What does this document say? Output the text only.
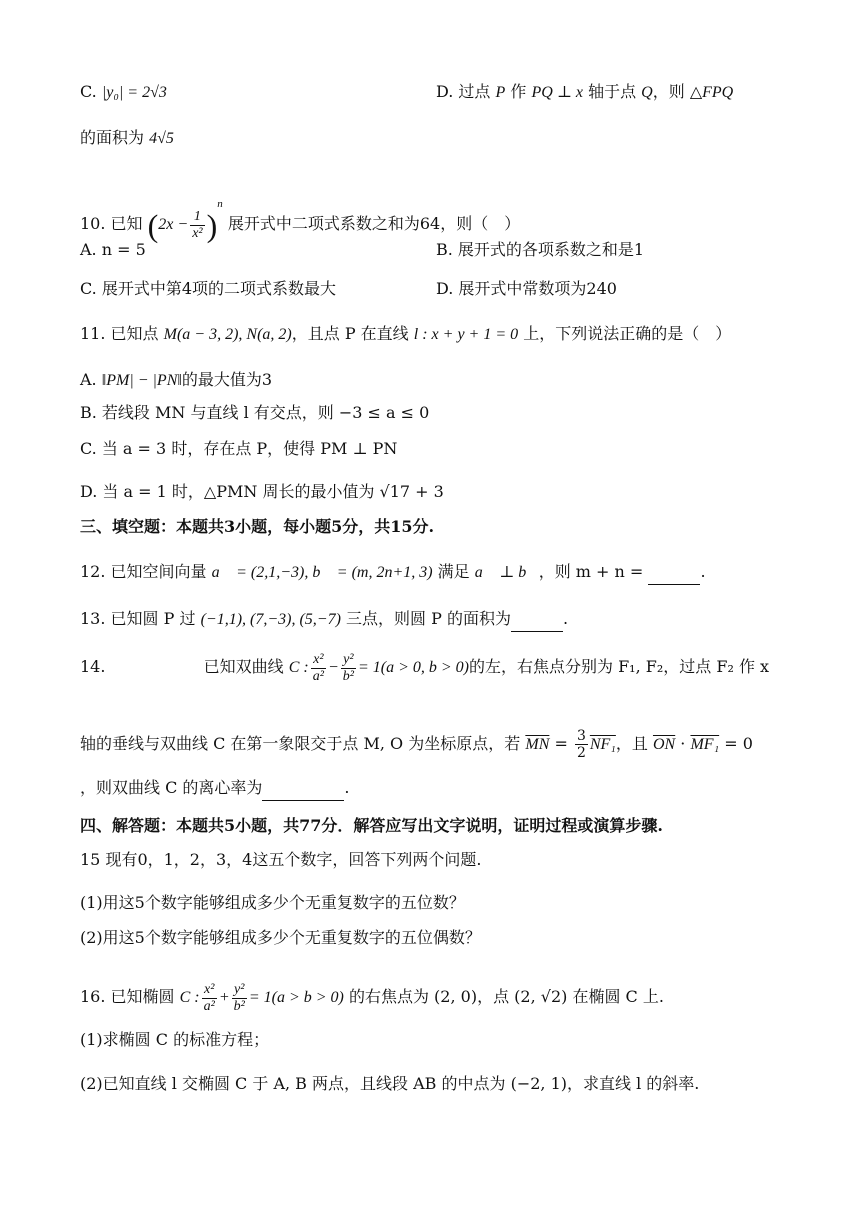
C. |y₀| = 2√3	D. 过点 P 作 PQ ⊥ x 轴于点 Q，则 △FPQ
的面积为 4√5
10. 已知 $(2x - \frac{1}{\text{x²}} )^n$ 展开式中二项式系数之和为64，则（　）
A. n = 5	B. 展开式的各项系数之和是1
C. 展开式中第4项的二项式系数最大	D. 展开式中常数项为240
11. 已知点 M(a − 3, 2), N(a, 2)，且点 P 在直线 l : x + y + 1 = 0 上，下列说法正确的是（　）
A. ‖PM| − |PN‖的最大值为3
B. 若线段 MN 与直线 l 有交点，则 −3 ≤ a ≤ 0
C. 当 a = 3 时，存在点 P，使得 PM ⊥ PN
D. 当 a = 1 时，△PMN 周长的最小值为 √17 + 3
三、填空题：本题共3小题，每小题5分，共15分.
12. 已知空间向量 a⃗ = (2,1,−3), b⃗ = (m, 2n+1, 3) 满足 a⃗ ⊥ b⃗，则 m + n =	.
13. 已知圆 P 过 (−1,1), (7,−3), (5,−7) 三点，则圆 P 的面积为	.
14.	已知双曲线 C : $\frac{\text{x²}}{\text{a²}} - \frac{\text{y²}}{\text{b²}} = 1(a > 0$, b > 0)的左，右焦点分别为 F₁, F₂，过点 F₂ 作 x
轴的垂线与双曲线 C 在第一象限交于点 M, O 为坐标原点，若 $\overline{MN} = \frac{3}{2} NF_1$，且 $\overline{ON} \cdot MF_1 = 0$
，则双曲线 C 的离心率为	.
四、解答题：本题共5小题，共77分．解答应写出文字说明，证明过程或演算步骤.
15 现有0，1，2，3，4这五个数字，回答下列两个问题.
(1)用这5个数字能够组成多少个无重复数字的五位数？
(2)用这5个数字能够组成多少个无重复数字的五位偶数？
16. 已知椭圆 C : $\frac{\text{x²}}{\text{a²}} + \frac{\text{y²}}{\text{b²}} = 1(a > b > 0)$ 的右焦点为 (2, 0)，点 (2, √2) 在椭圆 C 上.
(1)求椭圆 C 的标准方程；
(2)已知直线 l 交椭圆 C 于 A, B 两点，且线段 AB 的中点为 (−2, 1)，求直线 l 的斜率.
